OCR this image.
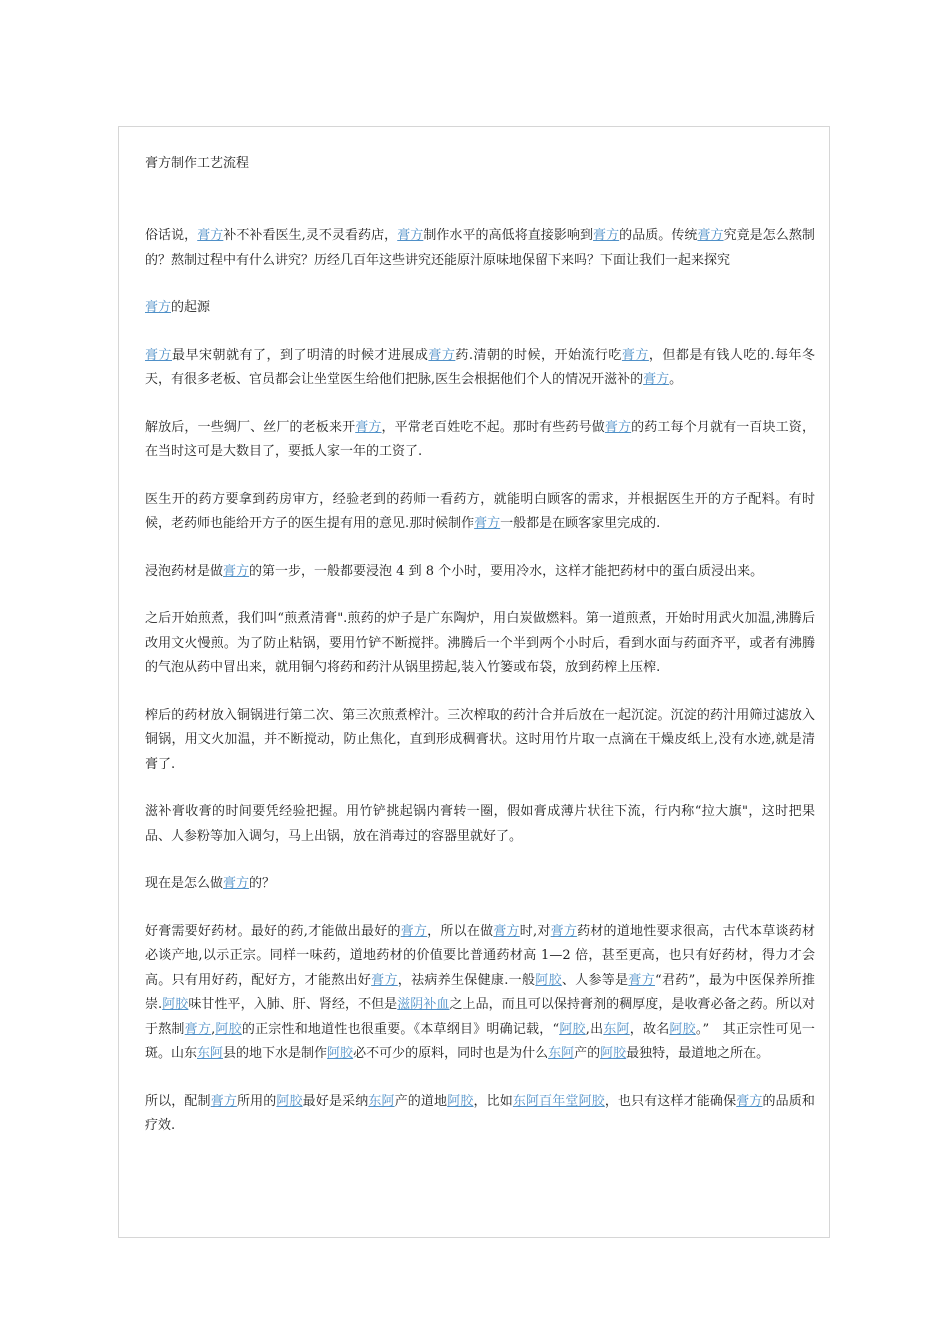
膏方制作工艺流程

俗话说，膏方补不补看医生,灵不灵看药店，膏方制作水平的高低将直接影响到膏方的品质。传统膏方究竟是怎么熬制的？熬制过程中有什么讲究？历经几百年这些讲究还能原汁原味地保留下来吗？下面让我们一起来探究

膏方的起源

膏方最早宋朝就有了，到了明清的时候才进展成膏方药.清朝的时候，开始流行吃膏方，但都是有钱人吃的.每年冬天，有很多老板、官员都会让坐堂医生给他们把脉,医生会根据他们个人的情况开滋补的膏方。

解放后，一些绸厂、丝厂的老板来开膏方，平常老百姓吃不起。那时有些药号做膏方的药工每个月就有一百块工资，在当时这可是大数目了，要抵人家一年的工资了.

医生开的药方要拿到药房审方，经验老到的药师一看药方，就能明白顾客的需求，并根据医生开的方子配料。有时候，老药师也能给开方子的医生提有用的意见.那时候制作膏方一般都是在顾客家里完成的.

浸泡药材是做膏方的第一步，一般都要浸泡 4 到 8 个小时，要用冷水，这样才能把药材中的蛋白质浸出来。

之后开始煎煮，我们叫“煎煮清膏".煎药的炉子是广东陶炉，用白炭做燃料。第一道煎煮，开始时用武火加温,沸腾后改用文火慢煎。为了防止粘锅，要用竹铲不断搅拌。沸腾后一个半到两个小时后，看到水面与药面齐平，或者有沸腾的气泡从药中冒出来，就用铜勺将药和药汁从锅里捞起,装入竹篓或布袋，放到药榨上压榨.

榨后的药材放入铜锅进行第二次、第三次煎煮榨汁。三次榨取的药汁合并后放在一起沉淀。沉淀的药汁用筛过滤放入铜锅，用文火加温，并不断搅动，防止焦化，直到形成稠膏状。这时用竹片取一点滴在干燥皮纸上,没有水迹,就是清膏了.

滋补膏收膏的时间要凭经验把握。用竹铲挑起锅内膏转一圈，假如膏成薄片状往下流，行内称“拉大旗"，这时把果品、人参粉等加入调匀，马上出锅，放在消毒过的容器里就好了。

现在是怎么做膏方的？

好膏需要好药材。最好的药,才能做出最好的膏方，所以在做膏方时,对膏方药材的道地性要求很高，古代本草谈药材必谈产地,以示正宗。同样一味药，道地药材的价值要比普通药材高 1—2 倍，甚至更高，也只有好药材，得力才会高。只有用好药，配好方，才能熬出好膏方，祛病养生保健康.一般阿胶、人参等是膏方“君药”，最为中医保养所推崇.阿胶味甘性平，入肺、肝、肾经，不但是滋阴补血之上品，而且可以保持膏剂的稠厚度，是收膏必备之药。所以对于熬制膏方,阿胶的正宗性和地道性也很重要。《本草纲目》明确记载，“阿胶,出东阿，故名阿胶。”　其正宗性可见一斑。山东东阿县的地下水是制作阿胶必不可少的原料，同时也是为什么东阿产的阿胶最独特，最道地之所在。

所以，配制膏方所用的阿胶最好是采纳东阿产的道地阿胶，比如东阿百年堂阿胶，也只有这样才能确保膏方的品质和疗效.
